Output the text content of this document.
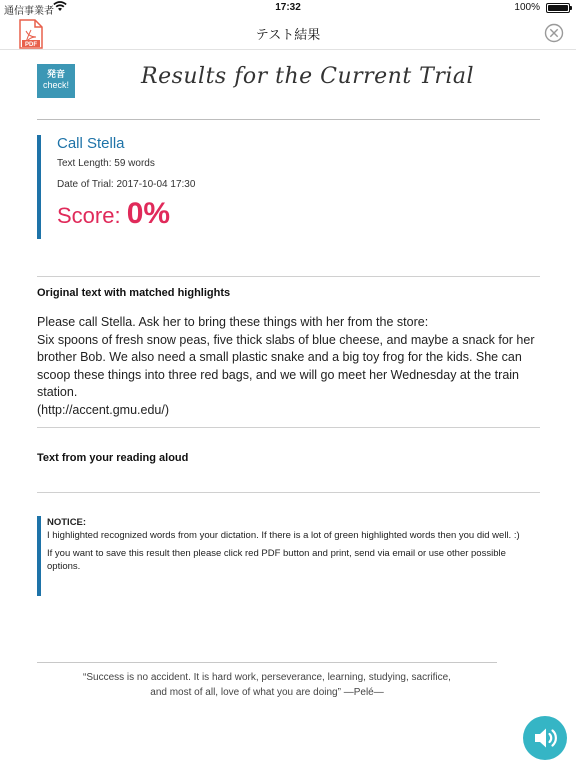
通信事業者	17:32	100%
PDF
テスト結果
発音
check!	Results for the Current Trial
Call Stella
Text Length: 59 words
Date of Trial: 2017-10-04 17:30
Score: 0%
Original text with matched highlights
Please call Stella. Ask her to bring these things with her from the store:
Six spoons of fresh snow peas, five thick slabs of blue cheese, and maybe a snack for her brother Bob. We also need a small plastic snake and a big toy frog for the kids. She can scoop these things into three red bags, and we will go meet her Wednesday at the train station.
(http://accent.gmu.edu/)
Text from your reading aloud
NOTICE:
I highlighted recognized words from your dictation. If there is a lot of green highlighted words then you did well. :)
If you want to save this result then please click red PDF button and print, send via email or use other possible options.
“Success is no accident. It is hard work, perseverance, learning, studying, sacrifice,
and most of all, love of what you are doing” —Pelé—
